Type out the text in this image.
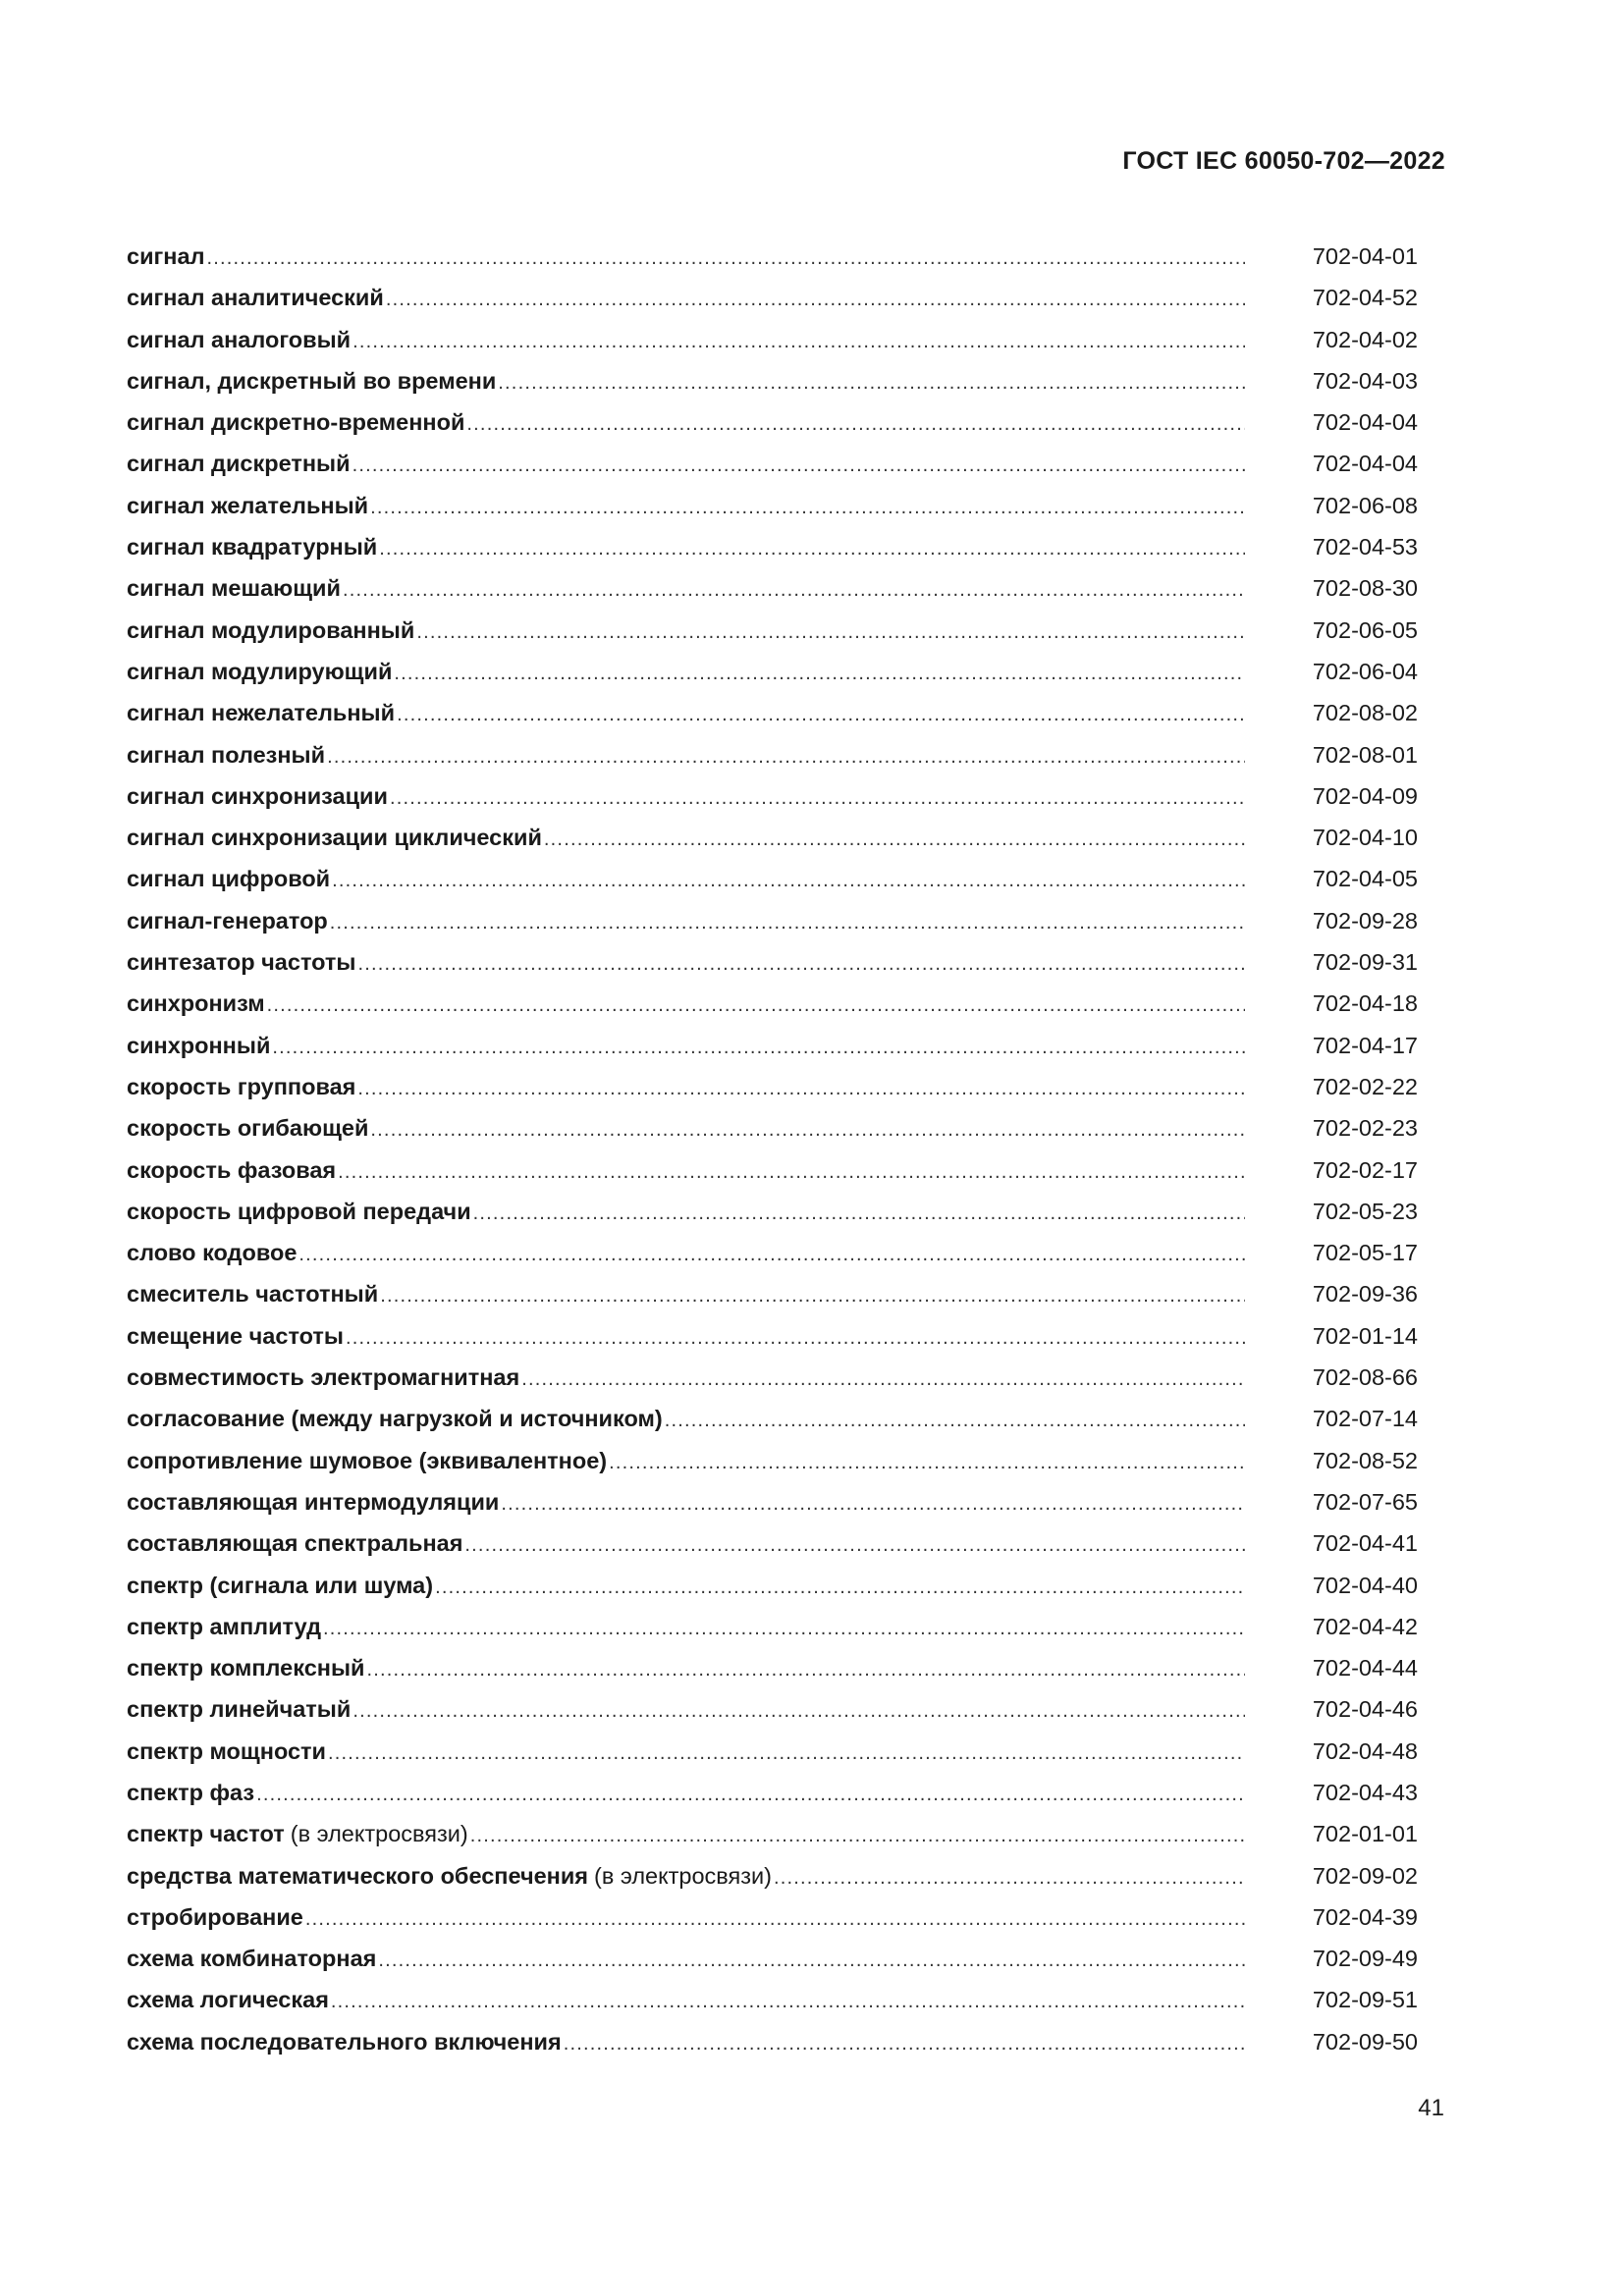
ГОСТ IEC 60050-702—2022
сигнал .....	702-04-01
сигнал аналитический .....	702-04-52
сигнал аналоговый .....	702-04-02
сигнал, дискретный во времени .....	702-04-03
сигнал дискретно-временной .....	702-04-04
сигнал дискретный .....	702-04-04
сигнал желательный .....	702-06-08
сигнал квадратурный .....	702-04-53
сигнал мешающий .....	702-08-30
сигнал модулированный .....	702-06-05
сигнал модулирующий .....	702-06-04
сигнал нежелательный .....	702-08-02
сигнал полезный .....	702-08-01
сигнал синхронизации .....	702-04-09
сигнал синхронизации циклический .....	702-04-10
сигнал цифровой .....	702-04-05
сигнал-генератор .....	702-09-28
синтезатор частоты .....	702-09-31
синхронизм .....	702-04-18
синхронный .....	702-04-17
скорость групповая .....	702-02-22
скорость огибающей .....	702-02-23
скорость фазовая .....	702-02-17
скорость цифровой передачи .....	702-05-23
слово кодовое .....	702-05-17
смеситель частотный .....	702-09-36
смещение частоты .....	702-01-14
совместимость электромагнитная .....	702-08-66
согласование (между нагрузкой и источником) .....	702-07-14
сопротивление шумовое (эквивалентное) .....	702-08-52
составляющая интермодуляции .....	702-07-65
составляющая спектральная .....	702-04-41
спектр (сигнала или шума) .....	702-04-40
спектр амплитуд .....	702-04-42
спектр комплексный .....	702-04-44
спектр линейчатый .....	702-04-46
спектр мощности .....	702-04-48
спектр фаз .....	702-04-43
спектр частот (в электросвязи) .....	702-01-01
средства математического обеспечения (в электросвязи) .....	702-09-02
стробирование .....	702-04-39
схема комбинаторная .....	702-09-49
схема логическая .....	702-09-51
схема последовательного включения .....	702-09-50
41
